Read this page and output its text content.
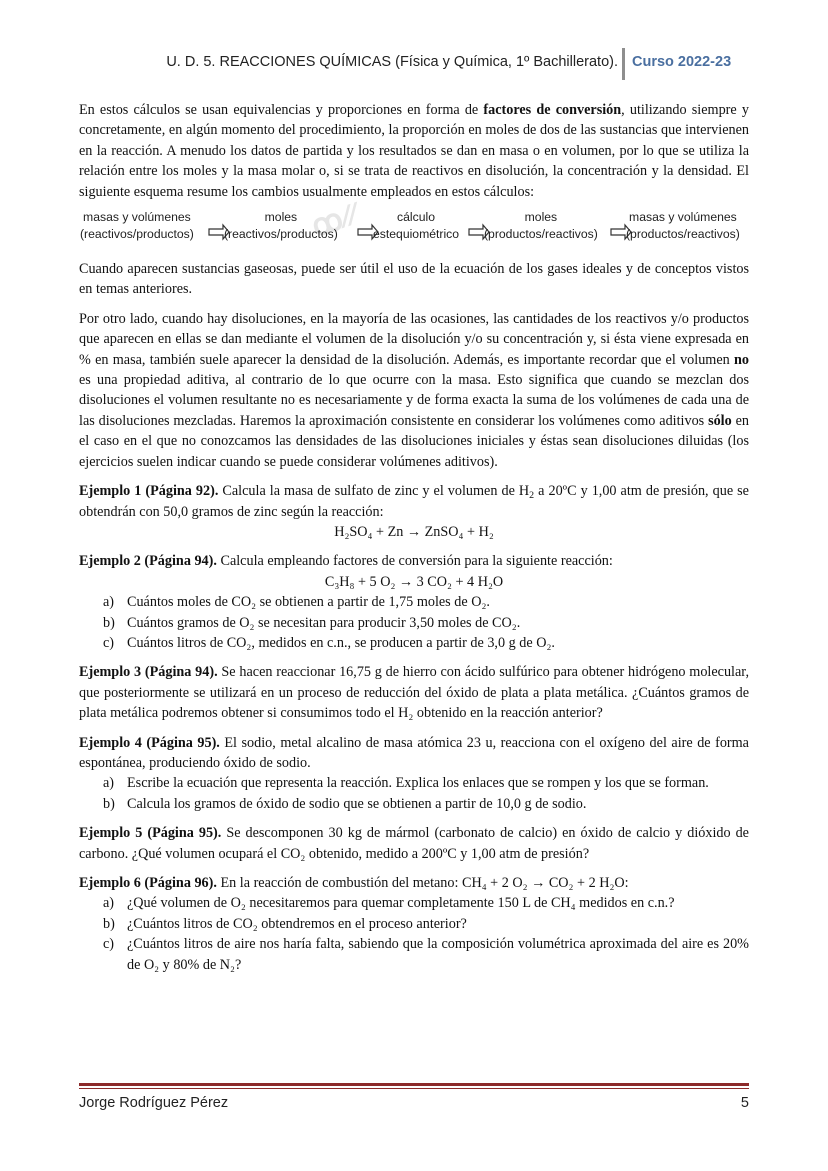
U. D. 5. REACCIONES QUÍMICAS (Física y Química, 1º Bachillerato). Curso 2022-23

En estos cálculos se usan equivalencias y proporciones en forma de factores de conversión, utilizando siempre y concretamente, en algún momento del procedimiento, la proporción en moles de dos de las sustancias que intervienen en la reacción. A menudo los datos de partida y los resultados se dan en masa o en volumen, por lo que se utiliza la relación entre los moles y la masa molar o, si se trata de reactivos en disolución, la concentración y la densidad. El siguiente esquema resume los cambios usualmente empleados en estos cálculos:

ꝏ∕∕
masas y volúmenes
(reactivos/productos)
moles
(reactivos/productos)
cálculo
estequiométrico
moles
(productos/reactivos)
masas y volúmenes
(productos/reactivos)

Cuando aparecen sustancias gaseosas, puede ser útil el uso de la ecuación de los gases ideales y de conceptos vistos en temas anteriores.

Por otro lado, cuando hay disoluciones, en la mayoría de las ocasiones, las cantidades de los reactivos y/o productos que aparecen en ellas se dan mediante el volumen de la disolución y/o su concentración y, si ésta viene expresada en % en masa, también suele aparecer la densidad de la disolución. Además, es importante recordar que el volumen no es una propiedad aditiva, al contrario de lo que ocurre con la masa. Esto significa que cuando se mezclan dos disoluciones el volumen resultante no es necesariamente y de forma exacta la suma de los volúmenes de cada una de las disoluciones mezcladas. Haremos la aproximación consistente en considerar los volúmenes como aditivos sólo en el caso en el que no conozcamos las densidades de las disoluciones iniciales y éstas sean disoluciones diluidas (los ejercicios suelen indicar cuando se puede considerar volúmenes aditivos).

Ejemplo 1 (Página 92). Calcula la masa de sulfato de zinc y el volumen de $H_2$ a 20ºC y 1,00 atm de presión, que se obtendrán con 50,0 gramos de zinc según la reacción:

H₂SO₄ + Zn → ZnSO₄ + H₂

Ejemplo 2 (Página 94). Calcula empleando factores de conversión para la siguiente reacción:

C₃H₈ + 5 O₂ → 3 CO₂ + 4 H₂O

a) Cuántos moles de CO₂ se obtienen a partir de 1,75 moles de O₂.
b) Cuántos gramos de O₂ se necesitan para producir 3,50 moles de CO₂.
c) Cuántos litros de CO₂, medidos en c.n., se producen a partir de 3,0 g de O₂.

Ejemplo 3 (Página 94). Se hacen reaccionar 16,75 g de hierro con ácido sulfúrico para obtener hidrógeno molecular, que posteriormente se utilizará en un proceso de reducción del óxido de plata a plata metálica. ¿Cuántos gramos de plata metálica podremos obtener si consumimos todo el H₂ obtenido en la reacción anterior?

Ejemplo 4 (Página 95). El sodio, metal alcalino de masa atómica 23 u, reacciona con el oxígeno del aire de forma espontánea, produciendo óxido de sodio.

a) Escribe la ecuación que representa la reacción. Explica los enlaces que se rompen y los que se forman.
b) Calcula los gramos de óxido de sodio que se obtienen a partir de 10,0 g de sodio.

Ejemplo 5 (Página 95). Se descomponen 30 kg de mármol (carbonato de calcio) en óxido de calcio y dióxido de carbono. ¿Qué volumen ocupará el CO₂ obtenido, medido a 200ºC y 1,00 atm de presión?

Ejemplo 6 (Página 96). En la reacción de combustión del metano: CH₄ + 2 O₂ → CO₂ + 2 H₂O:

a) ¿Qué volumen de O₂ necesitaremos para quemar completamente 150 L de CH₄ medidos en c.n.?
b) ¿Cuántos litros de CO₂ obtendremos en el proceso anterior?
c) ¿Cuántos litros de aire nos haría falta, sabiendo que la composición volumétrica aproximada del aire es 20% de O₂ y 80% de N₂?
Jorge Rodríguez Pérez	5
